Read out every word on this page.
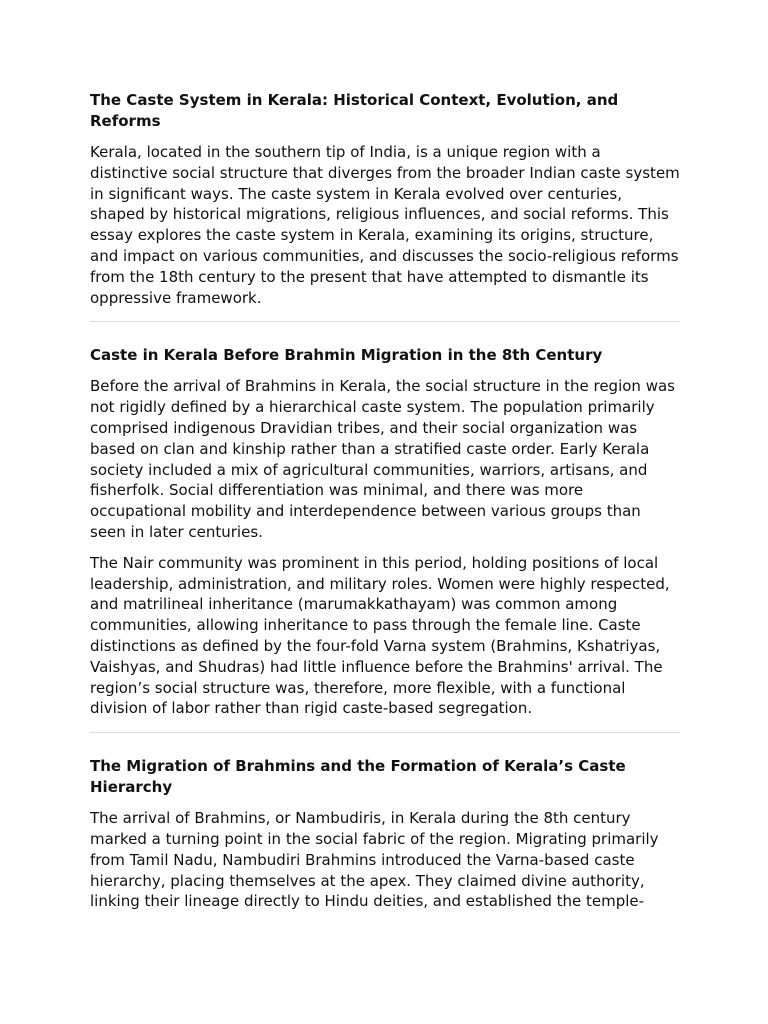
The Caste System in Kerala: Historical Context, Evolution, and Reforms

Kerala, located in the southern tip of India, is a unique region with a distinctive social structure that diverges from the broader Indian caste system in significant ways. The caste system in Kerala evolved over centuries, shaped by historical migrations, religious influences, and social reforms. This essay explores the caste system in Kerala, examining its origins, structure, and impact on various communities, and discusses the socio-religious reforms from the 18th century to the present that have attempted to dismantle its oppressive framework.

Caste in Kerala Before Brahmin Migration in the 8th Century

Before the arrival of Brahmins in Kerala, the social structure in the region was not rigidly defined by a hierarchical caste system. The population primarily comprised indigenous Dravidian tribes, and their social organization was based on clan and kinship rather than a stratified caste order. Early Kerala society included a mix of agricultural communities, warriors, artisans, and fisherfolk. Social differentiation was minimal, and there was more occupational mobility and interdependence between various groups than seen in later centuries.

The Nair community was prominent in this period, holding positions of local leadership, administration, and military roles. Women were highly respected, and matrilineal inheritance (marumakkathayam) was common among communities, allowing inheritance to pass through the female line. Caste distinctions as defined by the four-fold Varna system (Brahmins, Kshatriyas, Vaishyas, and Shudras) had little influence before the Brahmins' arrival. The region’s social structure was, therefore, more flexible, with a functional division of labor rather than rigid caste-based segregation.

The Migration of Brahmins and the Formation of Kerala’s Caste Hierarchy

The arrival of Brahmins, or Nambudiris, in Kerala during the 8th century marked a turning point in the social fabric of the region. Migrating primarily from Tamil Nadu, Nambudiri Brahmins introduced the Varna-based caste hierarchy, placing themselves at the apex. They claimed divine authority, linking their lineage directly to Hindu deities, and established the temple-
